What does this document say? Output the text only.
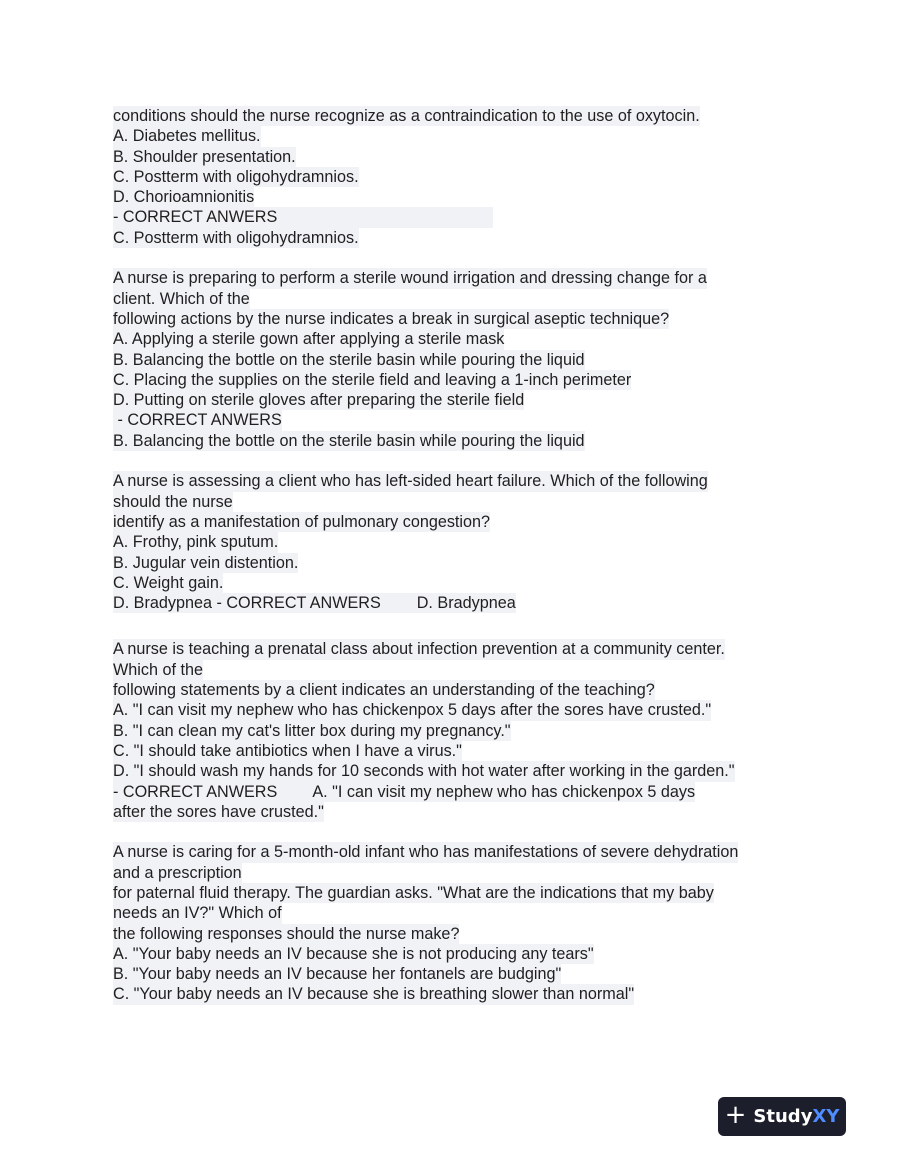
conditions should the nurse recognize as a contraindication to the use of oxytocin.
A. Diabetes mellitus.
B. Shoulder presentation.
C. Postterm with oligohydramnios.
D. Chorioamnionitis
- CORRECT ANWERS
C. Postterm with oligohydramnios.
A nurse is preparing to perform a sterile wound irrigation and dressing change for a
client. Which of the
following actions by the nurse indicates a break in surgical aseptic technique?
A. Applying a sterile gown after applying a sterile mask
B. Balancing the bottle on the sterile basin while pouring the liquid
C. Placing the supplies on the sterile field and leaving a 1-inch perimeter
D. Putting on sterile gloves after preparing the sterile field
- CORRECT ANWERS
B. Balancing the bottle on the sterile basin while pouring the liquid
A nurse is assessing a client who has left-sided heart failure. Which of the following
should the nurse
identify as a manifestation of pulmonary congestion?
A. Frothy, pink sputum.
B. Jugular vein distention.
C. Weight gain.
D. Bradypnea - CORRECT ANWERS        D. Bradypnea
A nurse is teaching a prenatal class about infection prevention at a community center.
Which of the
following statements by a client indicates an understanding of the teaching?
A. "I can visit my nephew who has chickenpox 5 days after the sores have crusted."
B. "I can clean my cat's litter box during my pregnancy."
C. "I should take antibiotics when I have a virus."
D. "I should wash my hands for 10 seconds with hot water after working in the garden."
- CORRECT ANWERS        A. "I can visit my nephew who has chickenpox 5 days
after the sores have crusted."
A nurse is caring for a 5-month-old infant who has manifestations of severe dehydration
and a prescription
for paternal fluid therapy. The guardian asks. "What are the indications that my baby
needs an IV?" Which of
the following responses should the nurse make?
A. "Your baby needs an IV because she is not producing any tears"
B. "Your baby needs an IV because her fontanels are budging"
C. "Your baby needs an IV because she is breathing slower than normal"
+ StudyXY
